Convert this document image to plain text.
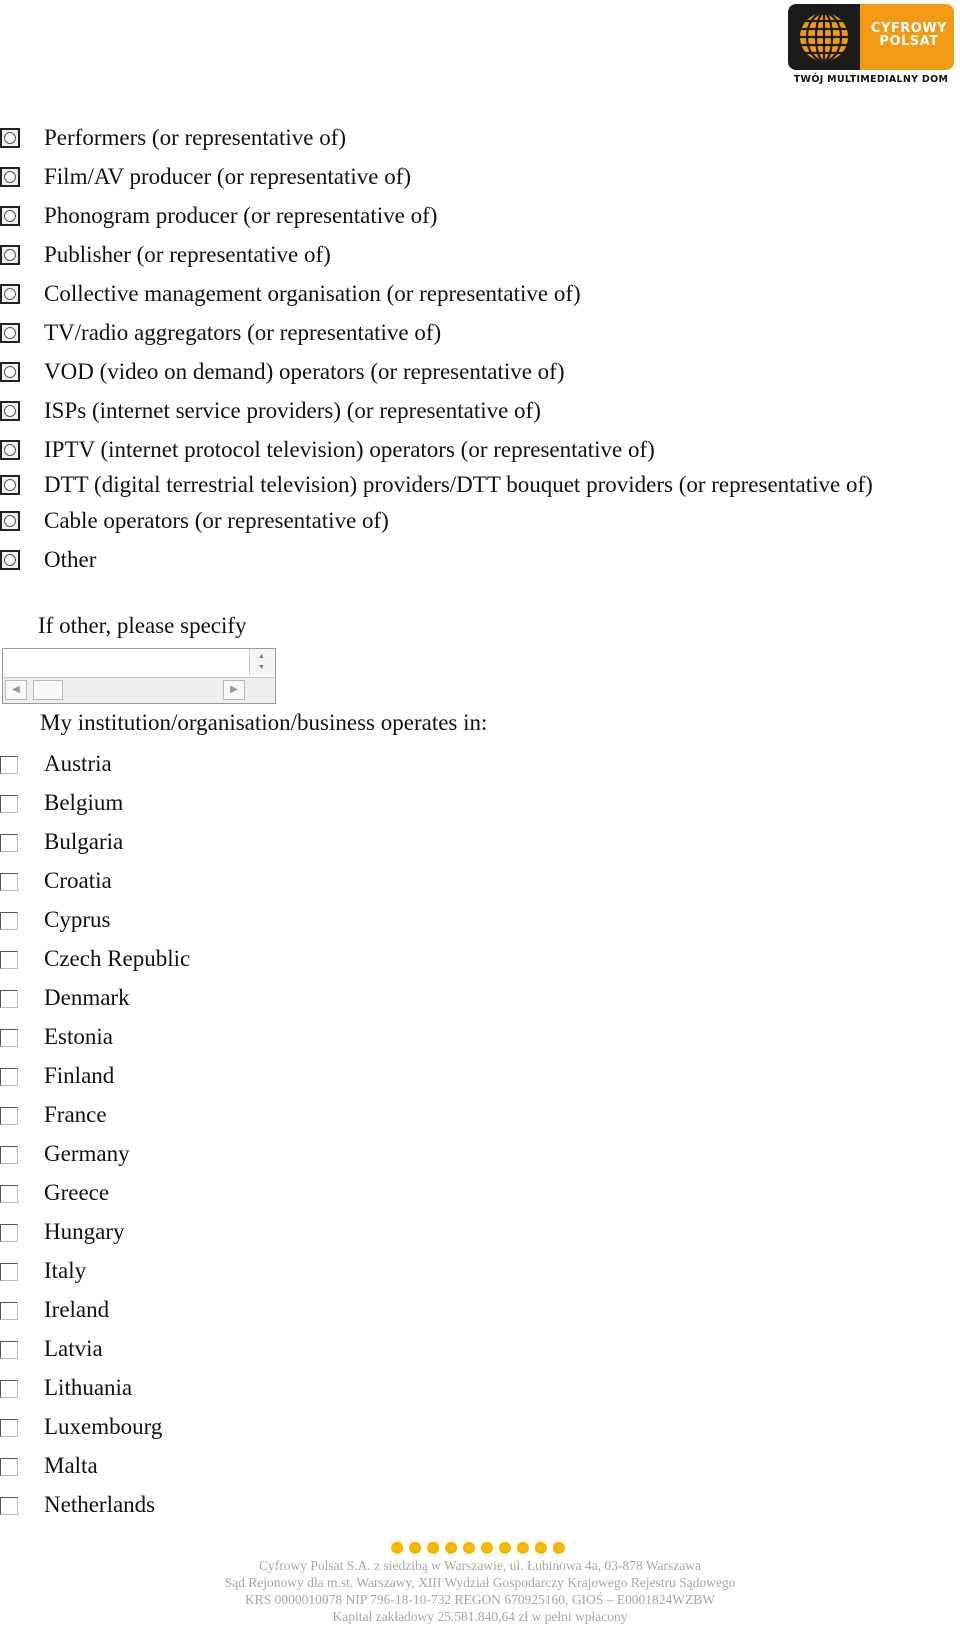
CYFROWY
POLSAT
TWÓJ MULTIMEDIALNY DOM
Performers (or representative of)
Film/AV producer (or representative of)
Phonogram producer (or representative of)
Publisher (or representative of)
Collective management organisation (or representative of)
TV/radio aggregators (or representative of)
VOD (video on demand) operators (or representative of)
ISPs (internet service providers) (or representative of)
IPTV (internet protocol television) operators (or representative of)
DTT (digital terrestrial television) providers/DTT bouquet providers (or representative of)
Cable operators (or representative of)
Other
If other, please specify
▲
▼
◀	▶
My institution/organisation/business operates in:
Austria
Belgium
Bulgaria
Croatia
Cyprus
Czech Republic
Denmark
Estonia
Finland
France
Germany
Greece
Hungary
Italy
Ireland
Latvia
Lithuania
Luxembourg
Malta
Netherlands
●●●●●●●●●●
Cyfrowy Polsat S.A. z siedzibą w Warszawie, ul. Łubinowa 4a, 03-878 Warszawa
Sąd Rejonowy dla m.st. Warszawy, XIII Wydział Gospodarczy Krajowego Rejestru Sądowego
KRS 0000010078 NIP 796-18-10-732 REGON 670925160, GIOŚ – E0001824WZBW
Kapitał zakładowy 25.581.840,64 zł w pełni wpłacony
